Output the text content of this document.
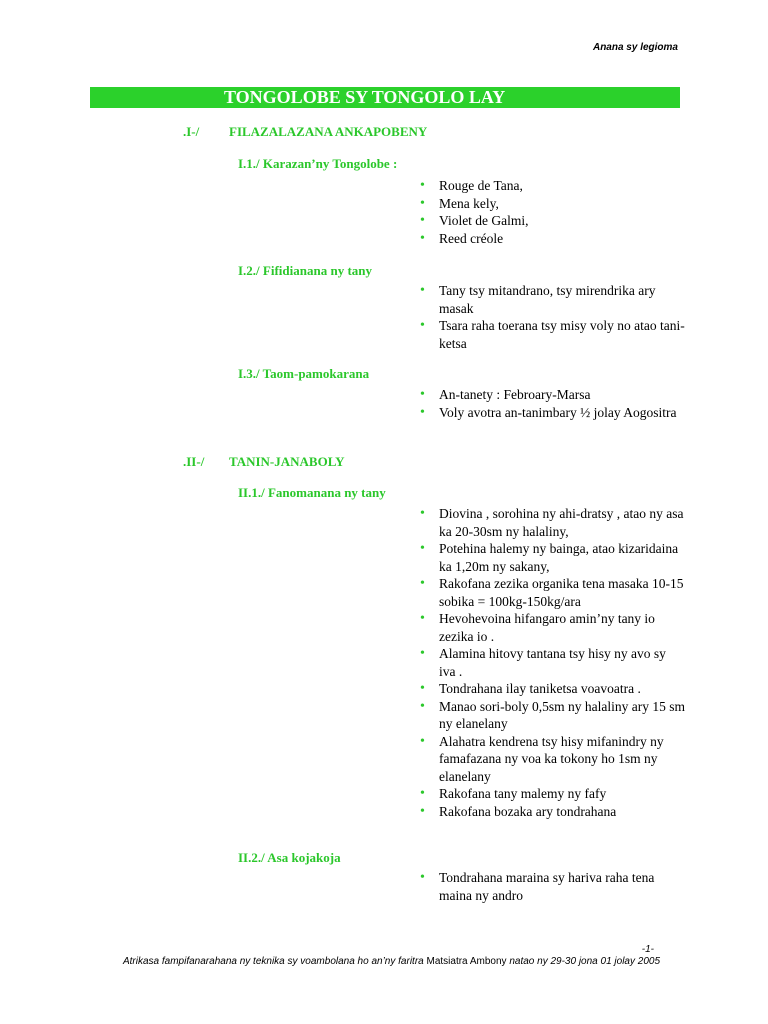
Anana sy legioma
TONGOLOBE SY TONGOLO LAY
.I-/ FILAZALAZANA ANKAPOBENY
I.1./ Karazan’ny Tongolobe :
• Rouge de Tana,
• Mena kely,
• Violet de Galmi,
• Reed créole
I.2./ Fifidianana ny tany
• Tany tsy mitandrano, tsy mirendrika ary masak
• Tsara raha toerana tsy misy voly no atao tani-ketsa
I.3./ Taom-pamokarana
• An-tanety : Febroary-Marsa
• Voly avotra an-tanimbary ½ jolay Aogositra
.II-/ TANIN-JANABOLY
II.1./ Fanomanana ny tany
• Diovina , sorohina ny ahi-dratsy , atao ny asa ka 20-30sm ny halaliny,
• Potehina halemy ny bainga, atao kizaridaina ka 1,20m ny sakany,
• Rakofana zezika organika tena masaka 10-15 sobika = 100kg-150kg/ara
• Hevohevoina hifangaro amin’ny tany io zezika io .
• Alamina hitovy tantana tsy hisy ny avo sy iva .
• Tondrahana ilay taniketsa voavoatra .
• Manao sori-boly 0,5sm ny halaliny ary 15 sm ny elanelany
• Alahatra kendrena tsy hisy mifanindry ny famafazana ny voa ka tokony ho 1sm ny elanelany
• Rakofana tany malemy ny fafy
• Rakofana bozaka ary tondrahana
II.2./ Asa kojakoja
• Tondrahana maraina sy hariva raha tena maina ny andro
-1-
Atrikasa fampifanarahana ny teknika sy voambolana ho an’ny faritra Matsiatra Ambony natao ny 29-30 jona 01 jolay 2005
